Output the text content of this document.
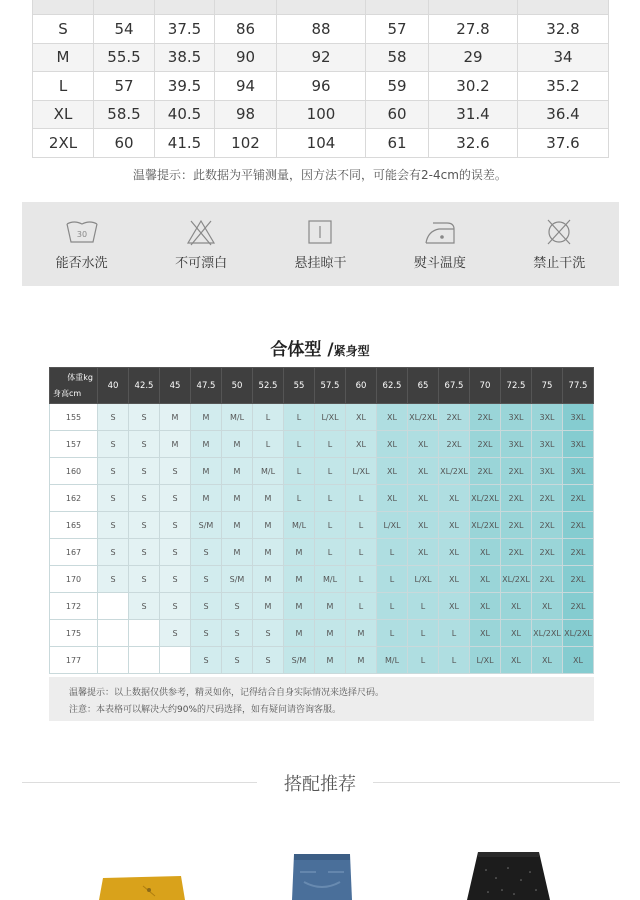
S	54	37.5	86	88	57	27.8	32.8
M	55.5	38.5	90	92	58	29	34
L	57	39.5	94	96	59	30.2	35.2
XL	58.5	40.5	98	100	60	31.4	36.4
2XL	60	41.5	102	104	61	32.6	37.6
温馨提示：此数据为平铺测量，因方法不同，可能会有2-4cm的误差。
30
能否水洗	不可漂白	悬挂晾干	熨斗温度	禁止干洗
合体型 /紧身型
体重kg
身高cm	40	42.5	45	47.5	50	52.5	55	57.5	60	62.5	65	67.5	70	72.5	75	77.5
155	S	S	M	M	M/L	L	L	L/XL	XL	XL	XL/2XL	2XL	2XL	3XL	3XL	3XL
157	S	S	M	M	M	L	L	L	XL	XL	XL	2XL	2XL	3XL	3XL	3XL
160	S	S	S	M	M	M/L	L	L	L/XL	XL	XL	XL/2XL	2XL	2XL	3XL	3XL
162	S	S	S	M	M	M	L	L	L	XL	XL	XL	XL/2XL	2XL	2XL	2XL
165	S	S	S	S/M	M	M	M/L	L	L	L/XL	XL	XL	XL/2XL	2XL	2XL	2XL
167	S	S	S	S	M	M	M	L	L	L	XL	XL	XL	2XL	2XL	2XL
170	S	S	S	S	S/M	M	M	M/L	L	L	L/XL	XL	XL	XL/2XL	2XL	2XL
172		S	S	S	S	M	M	M	L	L	L	XL	XL	XL	XL	2XL
175			S	S	S	S	M	M	M	L	L	L	XL	XL	XL/2XL	XL/2XL
177				S	S	S	S/M	M	M	M/L	L	L	L/XL	XL	XL	XL
温馨提示：以上数据仅供参考，精灵如你，记得结合自身实际情况来选择尺码。
注意：本表格可以解决大约90%的尺码选择，如有疑问请咨询客服。
搭配推荐
